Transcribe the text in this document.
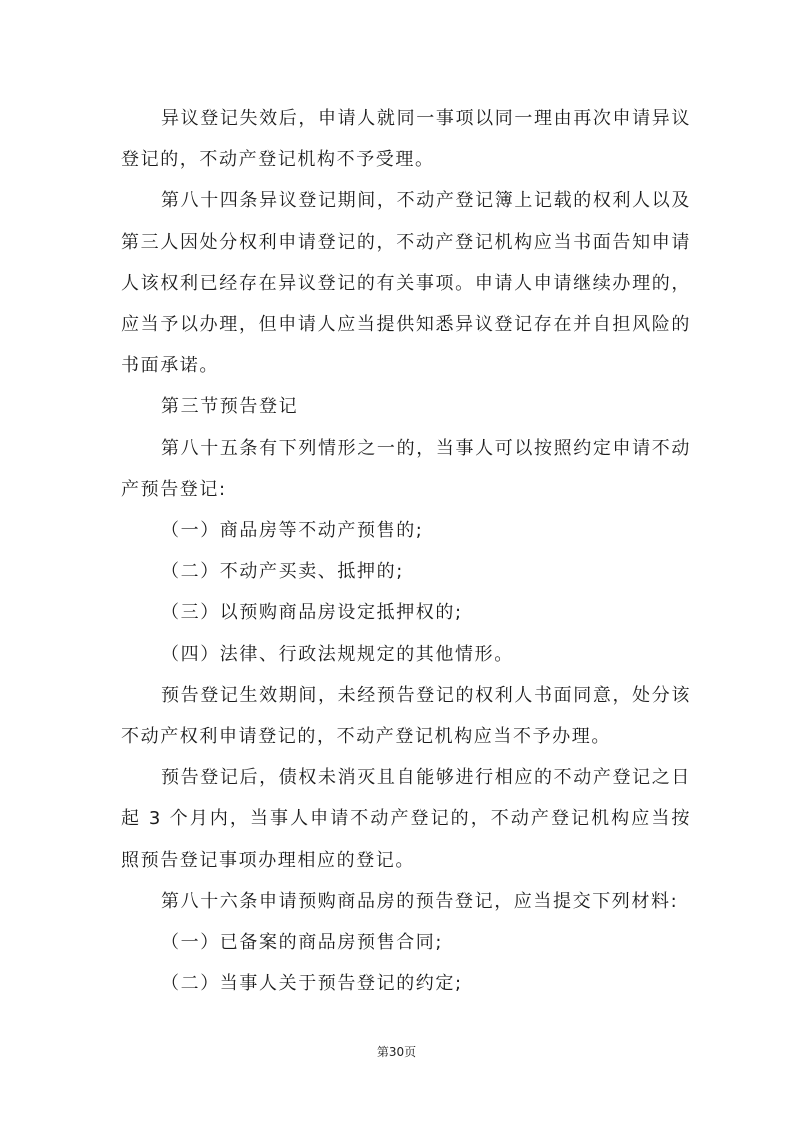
异议登记失效后，申请人就同一事项以同一理由再次申请异议登记的，不动产登记机构不予受理。

第八十四条异议登记期间，不动产登记簿上记载的权利人以及第三人因处分权利申请登记的，不动产登记机构应当书面告知申请人该权利已经存在异议登记的有关事项。申请人申请继续办理的，应当予以办理，但申请人应当提供知悉异议登记存在并自担风险的书面承诺。

第三节预告登记

第八十五条有下列情形之一的，当事人可以按照约定申请不动产预告登记:

（一）商品房等不动产预售的;

（二）不动产买卖、抵押的;

（三）以预购商品房设定抵押权的;

（四）法律、行政法规规定的其他情形。

预告登记生效期间，未经预告登记的权利人书面同意，处分该不动产权利申请登记的，不动产登记机构应当不予办理。

预告登记后，债权未消灭且自能够进行相应的不动产登记之日起 3 个月内，当事人申请不动产登记的，不动产登记机构应当按照预告登记事项办理相应的登记。

第八十六条申请预购商品房的预告登记，应当提交下列材料:

（一）已备案的商品房预售合同;

（二）当事人关于预告登记的约定;

第30页
